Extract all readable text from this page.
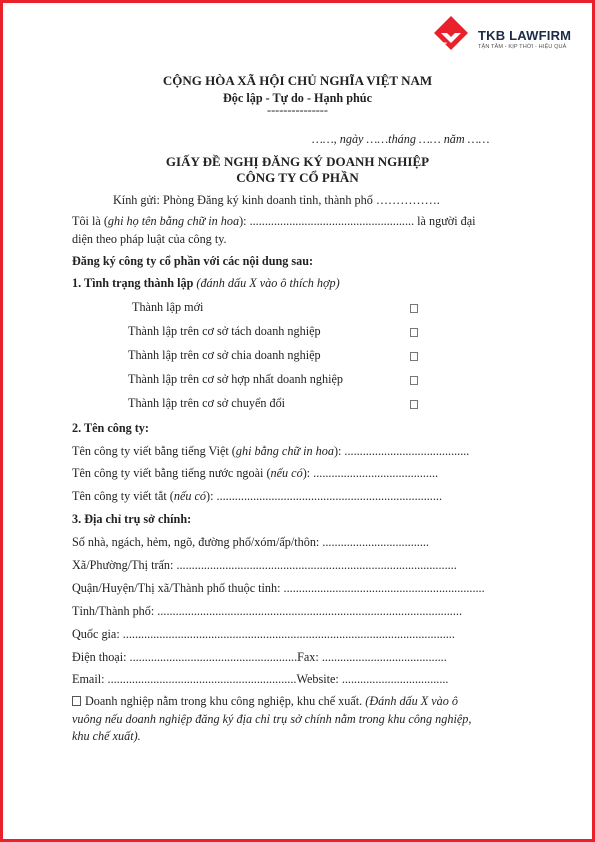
T
K
B
TKB LAWFIRM
TẬN TÂM - KỊP THỜI - HIỆU QUẢ
CỘNG HÒA XÃ HỘI CHỦ NGHĨA VIỆT NAM
Độc lập - Tự do - Hạnh phúc
---------------
……, ngày ……tháng …… năm ……
GIẤY ĐỀ NGHỊ ĐĂNG KÝ DOANH NGHIỆP
CÔNG TY CỔ PHẦN
Kính gửi: Phòng Đăng ký kinh doanh tỉnh, thành phố …………….
Tôi là (ghi họ tên bằng chữ in hoa): ...................................................... là người đại
diện theo pháp luật của công ty.
Đăng ký công ty cổ phần với các nội dung sau:
1. Tình trạng thành lập (đánh dấu X vào ô thích hợp)
Thành lập mới
Thành lập trên cơ sở tách doanh nghiệp
Thành lập trên cơ sở chia doanh nghiệp
Thành lập trên cơ sở hợp nhất doanh nghiệp
Thành lập trên cơ sở chuyển đổi
2. Tên công ty:
Tên công ty viết bằng tiếng Việt (ghi bằng chữ in hoa): .........................................
Tên công ty viết bằng tiếng nước ngoài (nếu có): .........................................
Tên công ty viết tắt (nếu có): ..........................................................................
3. Địa chỉ trụ sở chính:
Số nhà, ngách, hẻm, ngõ, đường phố/xóm/ấp/thôn: ...................................
Xã/Phường/Thị trấn: ............................................................................................
Quận/Huyện/Thị xã/Thành phố thuộc tỉnh: ..................................................................
Tỉnh/Thành phố: ....................................................................................................
Quốc gia: .............................................................................................................
Điện thoại: .......................................................Fax: .........................................
Email: ..............................................................Website: ...................................
Doanh nghiệp nằm trong khu công nghiệp, khu chế xuất. (Đánh dấu X vào ô
vuông nếu doanh nghiệp đăng ký địa chỉ trụ sở chính nằm trong khu công nghiệp,
khu chế xuất).
